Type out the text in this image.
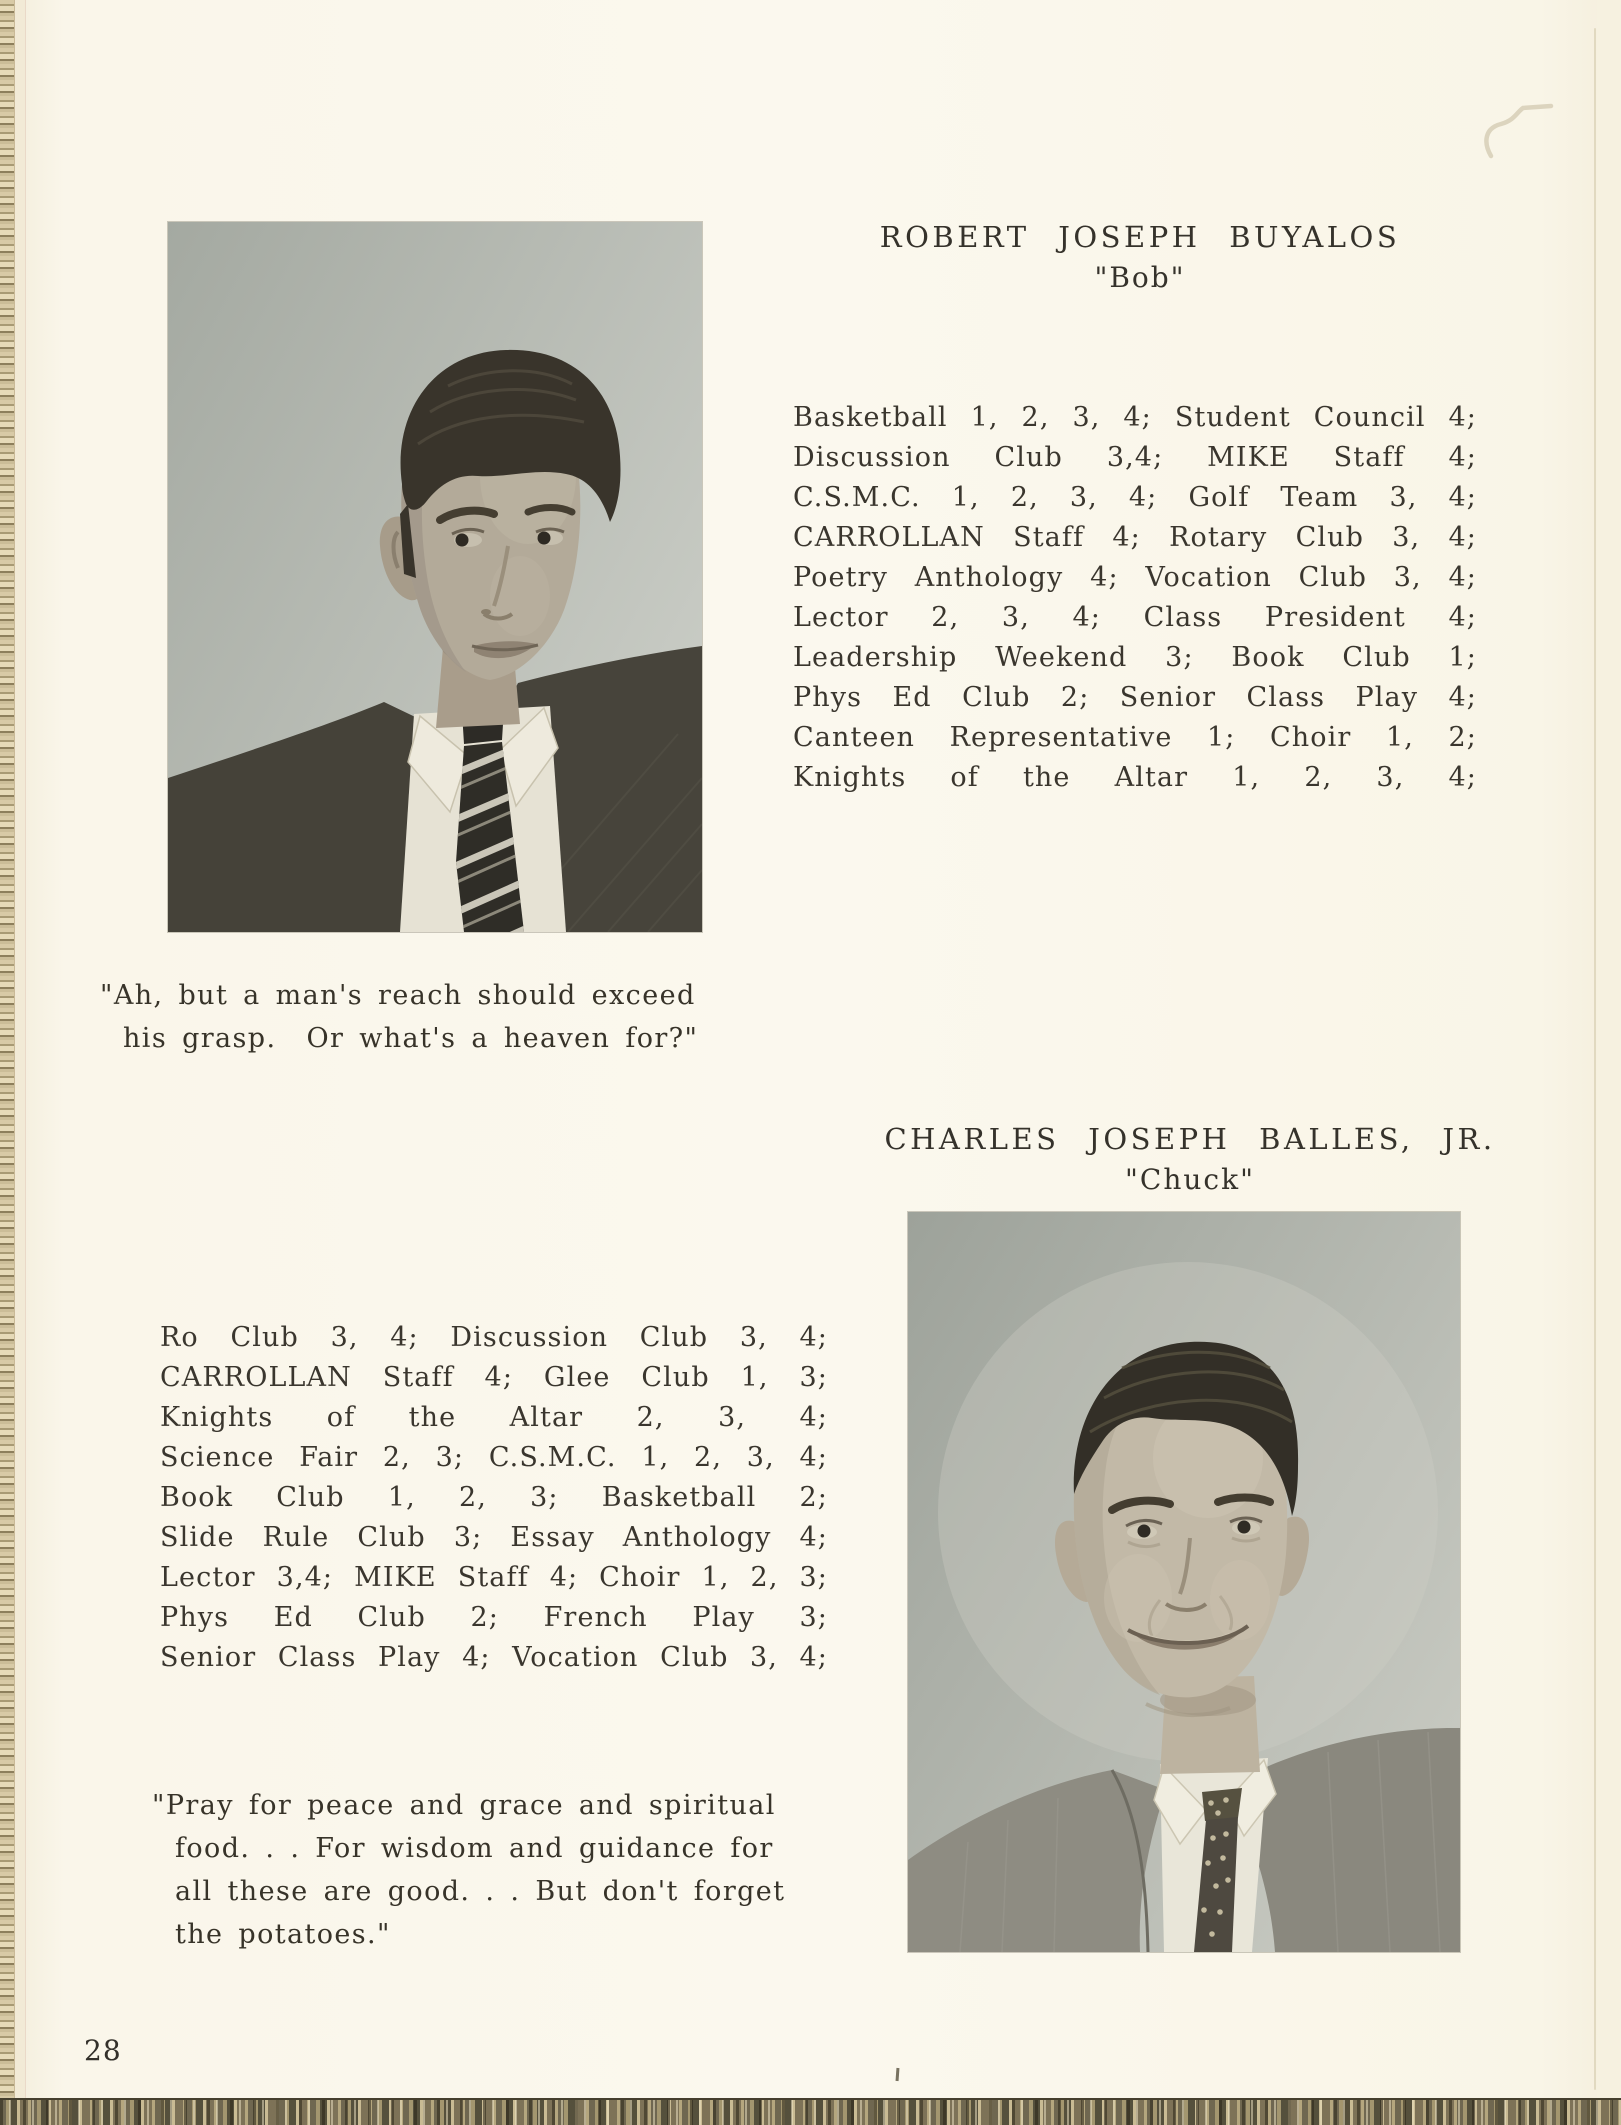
ROBERT JOSEPH BUYALOS
"Bob"
Basketball 1, 2, 3, 4; Student Council 4;
Discussion Club 3,4; MIKE Staff 4;
C.S.M.C. 1, 2, 3, 4; Golf Team 3, 4;
CARROLLAN Staff 4; Rotary Club 3, 4;
Poetry Anthology 4; Vocation Club 3, 4;
Lector 2, 3, 4; Class President 4;
Leadership Weekend 3; Book Club 1;
Phys Ed Club 2; Senior Class Play 4;
Canteen Representative 1; Choir 1, 2;
Knights of the Altar 1, 2, 3, 4;
"Ah, but a man's reach should exceed
his grasp.  Or what's a heaven for?"
CHARLES JOSEPH BALLES, JR.
"Chuck"
Ro Club 3, 4; Discussion Club 3, 4;
CARROLLAN Staff 4; Glee Club 1, 3;
Knights of the Altar 2, 3, 4;
Science Fair 2, 3; C.S.M.C. 1, 2, 3, 4;
Book Club 1, 2, 3; Basketball 2;
Slide Rule Club 3; Essay Anthology 4;
Lector 3,4; MIKE Staff 4; Choir 1, 2, 3;
Phys Ed Club 2; French Play 3;
Senior Class Play 4; Vocation Club 3, 4;
"Pray for peace and grace and spiritual
food. . . For wisdom and guidance for
all these are good. . . But don't forget
the potatoes."
28
